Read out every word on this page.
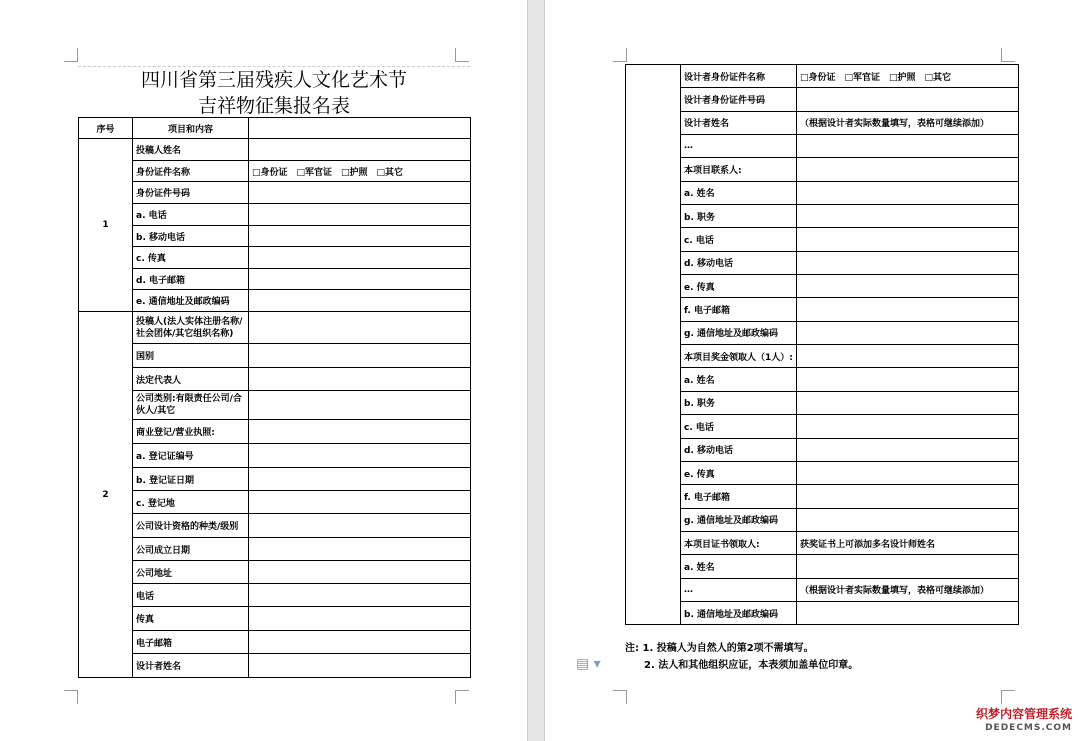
四川省第三届残疾人文化艺术节
吉祥物征集报名表
序号	项目和内容	
1	投稿人姓名	
	身份证件名称	□身份证　□军官证　□护照　□其它
	身份证件号码	
	a. 电话	
	b. 移动电话	
	c. 传真	
	d. 电子邮箱	
	e. 通信地址及邮政编码	
2	投稿人(法人实体注册名称/社会团体/其它组织名称)	
	国别	
	法定代表人	
	公司类别:有限责任公司/合伙人/其它	
	商业登记/营业执照:	
	a. 登记证编号	
	b. 登记证日期	
	c. 登记地	
	公司设计资格的种类/级别	
	公司成立日期	
	公司地址	
	电话	
	传真	
	电子邮箱	
	设计者姓名	
	设计者身份证件名称	□身份证　□军官证　□护照　□其它
	设计者身份证件号码	
	设计者姓名	（根据设计者实际数量填写，表格可继续添加）
	…	
	本项目联系人:	
	a. 姓名	
	b. 职务	
	c. 电话	
	d. 移动电话	
	e. 传真	
	f. 电子邮箱	
	g. 通信地址及邮政编码	
	本项目奖金领取人（1人）:	
	a. 姓名	
	b. 职务	
	c. 电话	
	d. 移动电话	
	e. 传真	
	f. 电子邮箱	
	g. 通信地址及邮政编码	
	本项目证书领取人:	获奖证书上可添加多名设计师姓名
	a. 姓名	
	…	（根据设计者实际数量填写，表格可继续添加）
	b. 通信地址及邮政编码	
注: 1. 投稿人为自然人的第2项不需填写。
2. 法人和其他组织应证，本表须加盖单位印章。
▤ ▾
织梦内容管理系统
DEDECMS.COM
